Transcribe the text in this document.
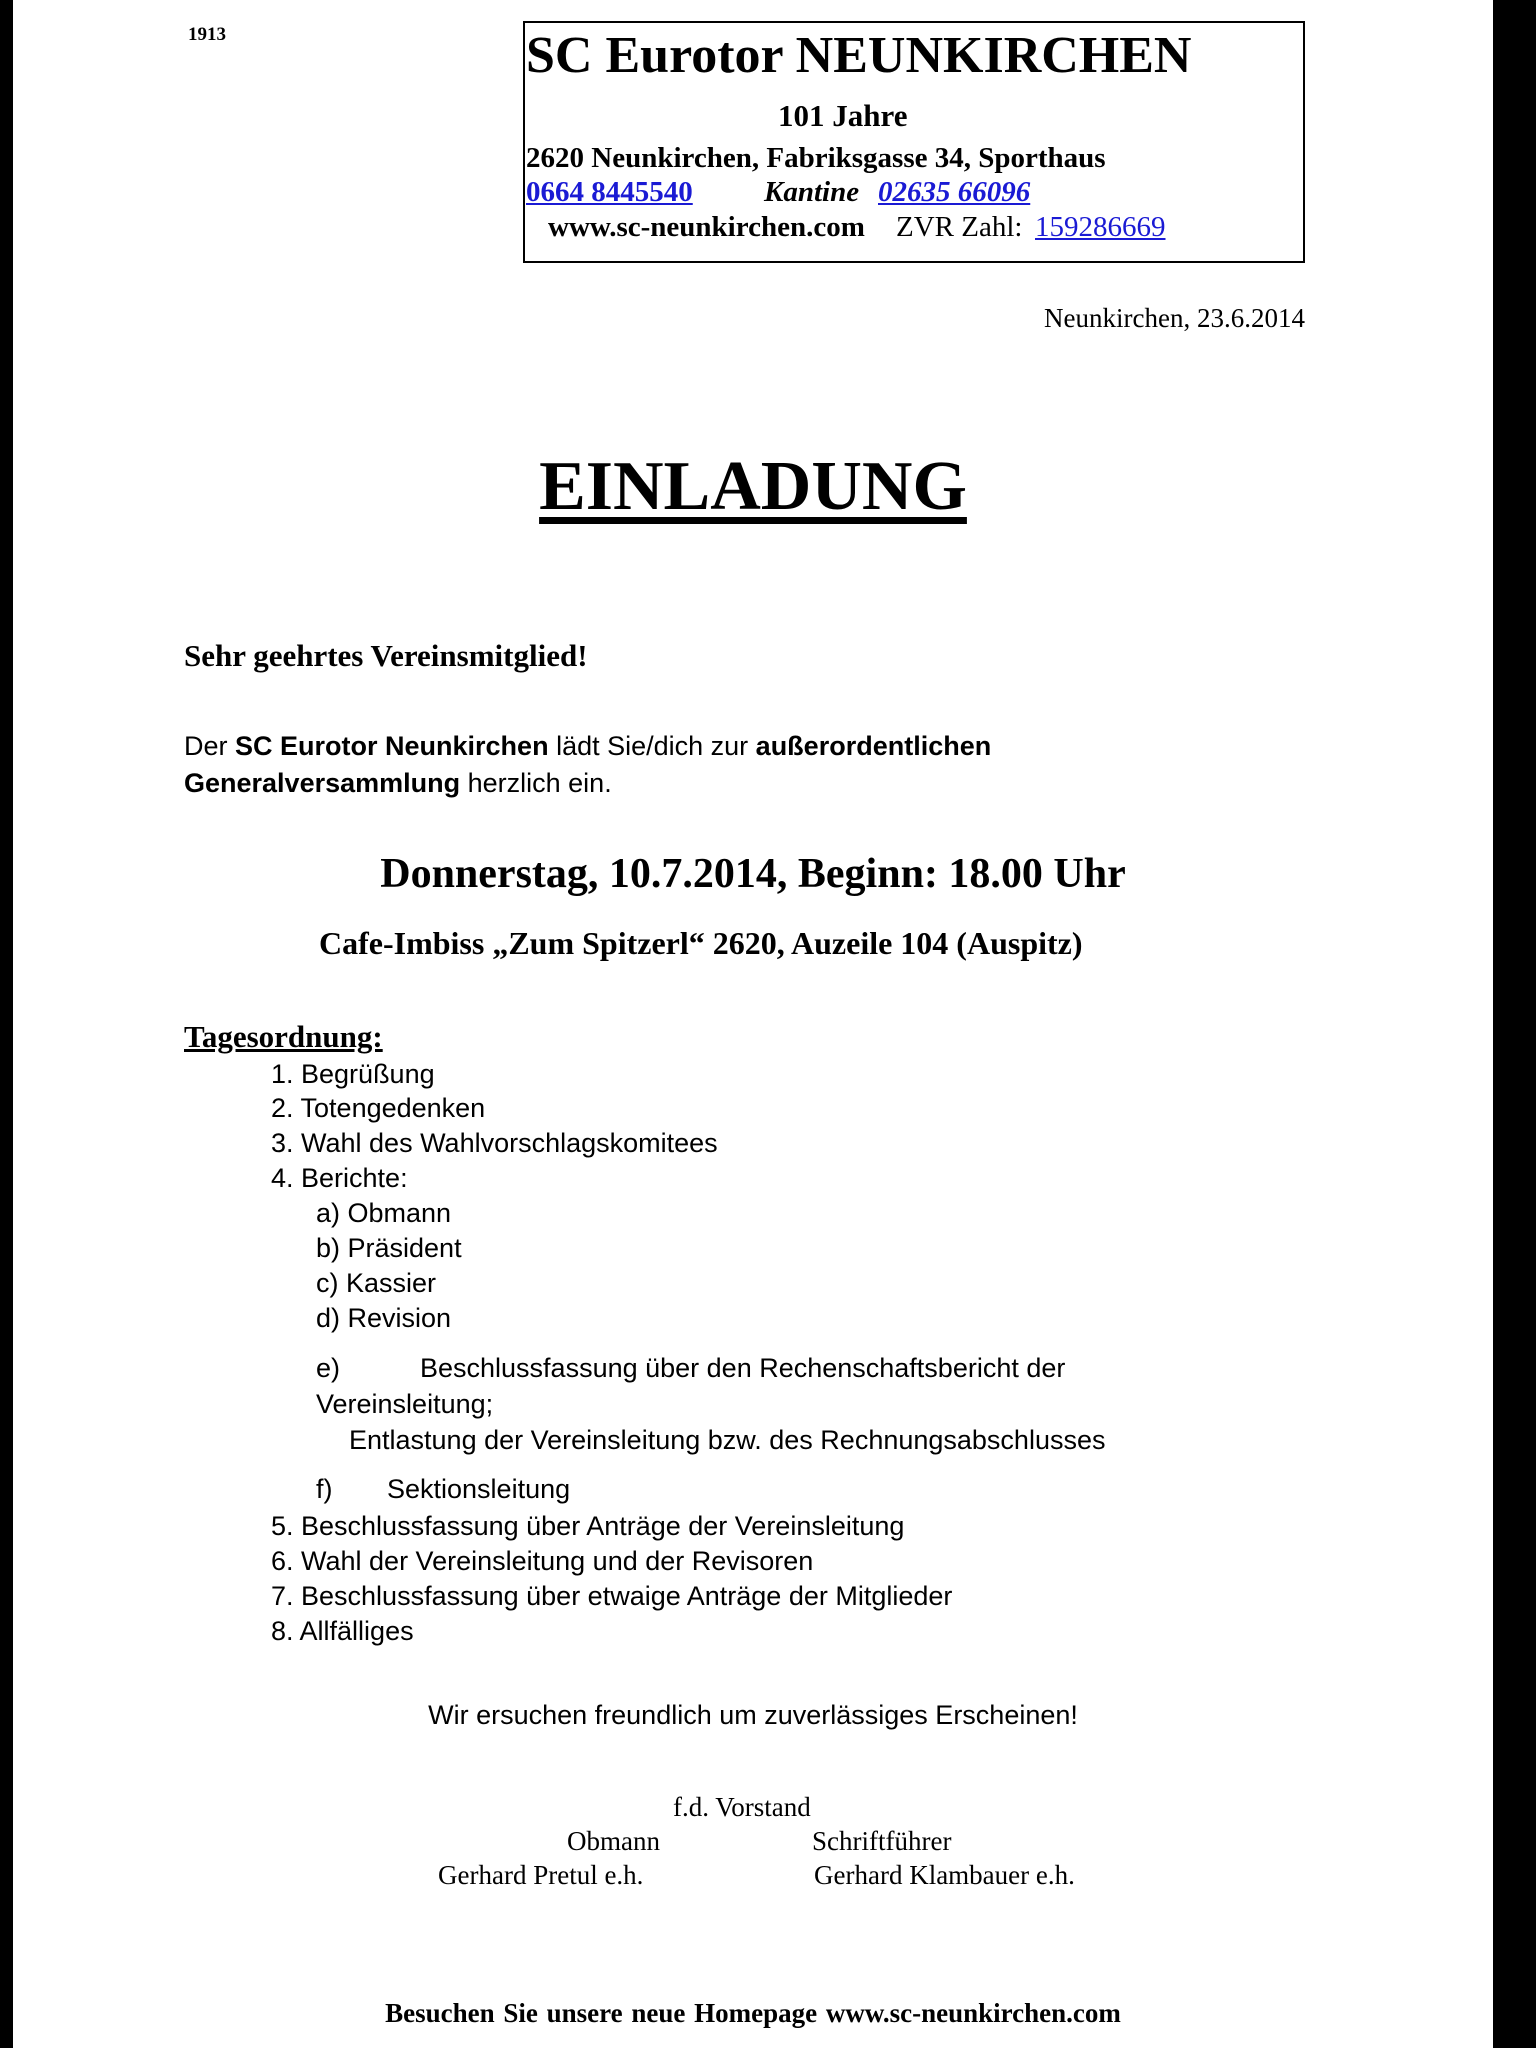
1913	SC Eurotor NEUNKIRCHEN
101 Jahre
2620 Neunkirchen, Fabriksgasse 34, Sporthaus
0664 8445540 Kantine 02635 66096
www.sc-neunkirchen.com ZVR Zahl: 159286669
Neunkirchen, 23.6.2014
EINLADUNG
Sehr geehrtes Vereinsmitglied!
Der SC Eurotor Neunkirchen lädt Sie/dich zur außerordentlichen
Generalversammlung herzlich ein.
Donnerstag, 10.7.2014, Beginn: 18.00 Uhr
Cafe-Imbiss „Zum Spitzerl“ 2620, Auzeile 104 (Auspitz)
Tagesordnung:
1. Begrüßung
2. Totengedenken
3. Wahl des Wahlvorschlagskomitees
4. Berichte:
a) Obmann
b) Präsident
c) Kassier
d) Revision
e)	Beschlussfassung über den Rechenschaftsbericht der
Vereinsleitung;
Entlastung der Vereinsleitung bzw. des Rechnungsabschlusses
f) Sektionsleitung
5. Beschlussfassung über Anträge der Vereinsleitung
6. Wahl der Vereinsleitung und der Revisoren
7. Beschlussfassung über etwaige Anträge der Mitglieder
8. Allfälliges
Wir ersuchen freundlich um zuverlässiges Erscheinen!
f.d. Vorstand
Obmann	Schriftführer
Gerhard Pretul e.h.	Gerhard Klambauer e.h.
Besuchen Sie unsere neue Homepage www.sc-neunkirchen.com
